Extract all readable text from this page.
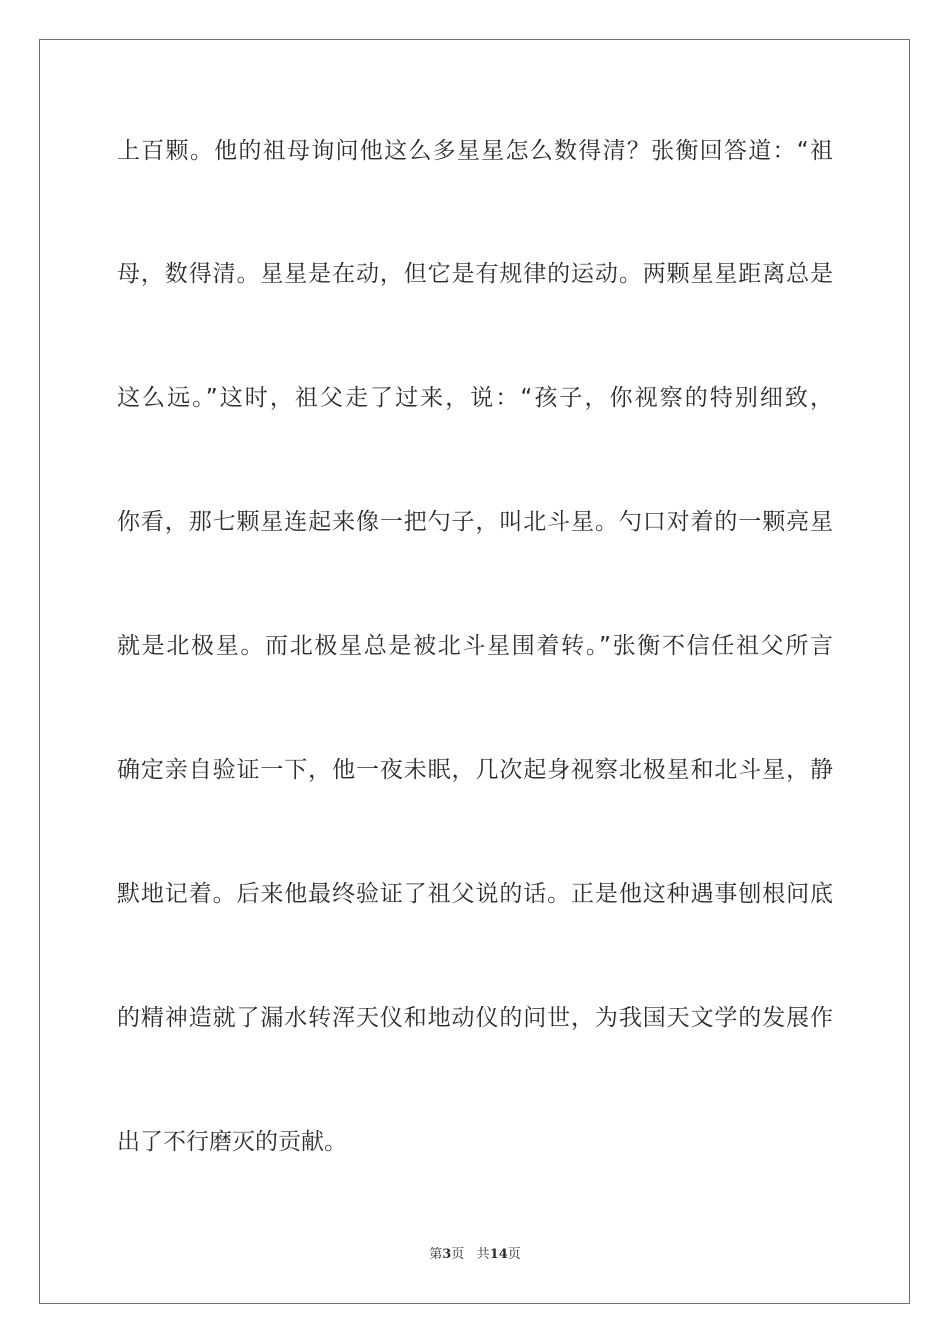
上百颗。他的祖母询问他这么多星星怎么数得清？张衡回答道：“祖
母，数得清。星星是在动，但它是有规律的运动。两颗星星距离总是
这么远。”这时，祖父走了过来，说：“孩子，你视察的特别细致，
你看，那七颗星连起来像一把勺子，叫北斗星。勺口对着的一颗亮星
就是北极星。而北极星总是被北斗星围着转。”张衡不信任祖父所言
确定亲自验证一下，他一夜未眠，几次起身视察北极星和北斗星，静
默地记着。后来他最终验证了祖父说的话。正是他这种遇事刨根问底
的精神造就了漏水转浑天仪和地动仪的问世，为我国天文学的发展作
出了不行磨灭的贡献。
第3页 共14页
